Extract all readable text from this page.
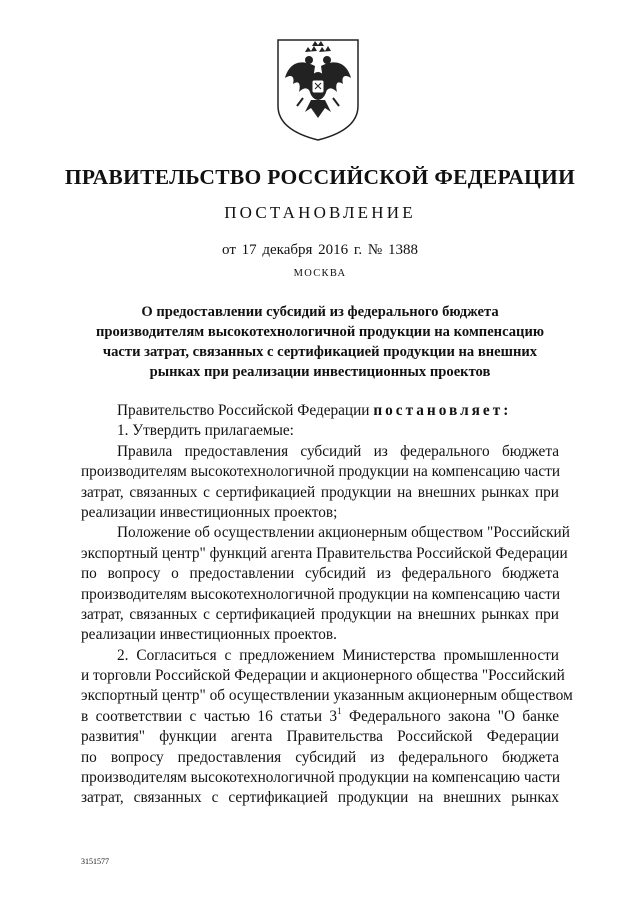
ПРАВИТЕЛЬСТВО РОССИЙСКОЙ ФЕДЕРАЦИИ
ПОСТАНОВЛЕНИЕ
от 17 декабря 2016 г. № 1388
МОСКВА
О предоставлении субсидий из федерального бюджета
производителям высокотехнологичной продукции на компенсацию
части затрат, связанных с сертификацией продукции на внешних
рынках при реализации инвестиционных проектов
Правительство Российской Федерации постановляет:
1. Утвердить прилагаемые:
Правила предоставления субсидий из федерального бюджета
производителям высокотехнологичной продукции на компенсацию части
затрат, связанных с сертификацией продукции на внешних рынках при
реализации инвестиционных проектов;
Положение об осуществлении акционерным обществом "Российский
экспортный центр" функций агента Правительства Российской Федерации
по вопросу о предоставлении субсидий из федерального бюджета
производителям высокотехнологичной продукции на компенсацию части
затрат, связанных с сертификацией продукции на внешних рынках при
реализации инвестиционных проектов.
2. Согласиться с предложением Министерства промышленности
и торговли Российской Федерации и акционерного общества "Российский
экспортный центр" об осуществлении указанным акционерным обществом
в соответствии с частью 16 статьи $3^1$ Федерального закона "О банке
развития" функции агента Правительства Российской Федерации
по вопросу предоставления субсидий из федерального бюджета
производителям высокотехнологичной продукции на компенсацию части
затрат, связанных с сертификацией продукции на внешних рынках
3151577
